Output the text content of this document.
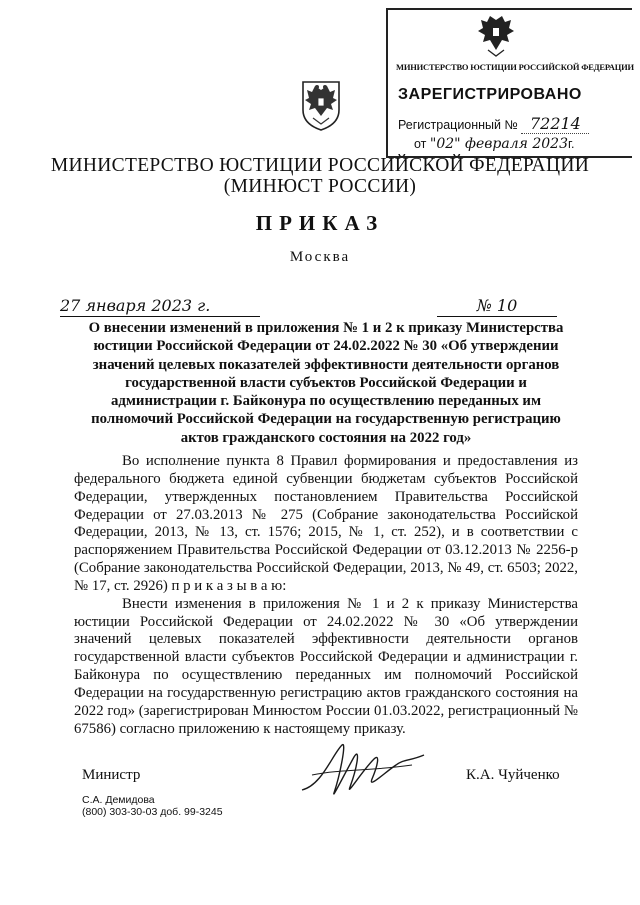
МИНИСТЕРСТВО ЮСТИЦИИ РОССИЙСКОЙ ФЕДЕРАЦИИ
ЗАРЕГИСТРИРОВАНО
Регистрационный № 72214
от "02" февраля 2023г.
МИНИСТЕРСТВО ЮСТИЦИИ РОССИЙСКОЙ ФЕДЕРАЦИИ
(МИНЮСТ РОССИИ)
ПРИКАЗ
Москва
27 января 2023 г.	№ 10
О внесении изменений в приложения № 1 и 2 к приказу Министерства юстиции Российской Федерации от 24.02.2022 № 30 «Об утверждении значений целевых показателей эффективности деятельности органов государственной власти субъектов Российской Федерации и администрации г. Байконура по осуществлению переданных им полномочий Российской Федерации на государственную регистрацию актов гражданского состояния на 2022 год»

Во исполнение пункта 8 Правил формирования и предоставления из федерального бюджета единой субвенции бюджетам субъектов Российской Федерации, утвержденных постановлением Правительства Российской Федерации от 27.03.2013 № 275 (Собрание законодательства Российской Федерации, 2013, № 13, ст. 1576; 2015, № 1, ст. 252), и в соответствии с распоряжением Правительства Российской Федерации от 03.12.2013 № 2256-р (Собрание законодательства Российской Федерации, 2013, № 49, ст. 6503; 2022, № 17, ст. 2926) п р и к а з ы в а ю:

Внести изменения в приложения № 1 и 2 к приказу Министерства юстиции Российской Федерации от 24.02.2022 № 30 «Об утверждении значений целевых показателей эффективности деятельности органов государственной власти субъектов Российской Федерации и администрации г. Байконура по осуществлению переданных им полномочий Российской Федерации на государственную регистрацию актов гражданского состояния на 2022 год» (зарегистрирован Минюстом России 01.03.2022, регистрационный № 67586) согласно приложению к настоящему приказу.

Министр	К.А. Чуйченко
С.А. Демидова
(800) 303-30-03 доб. 99-3245
